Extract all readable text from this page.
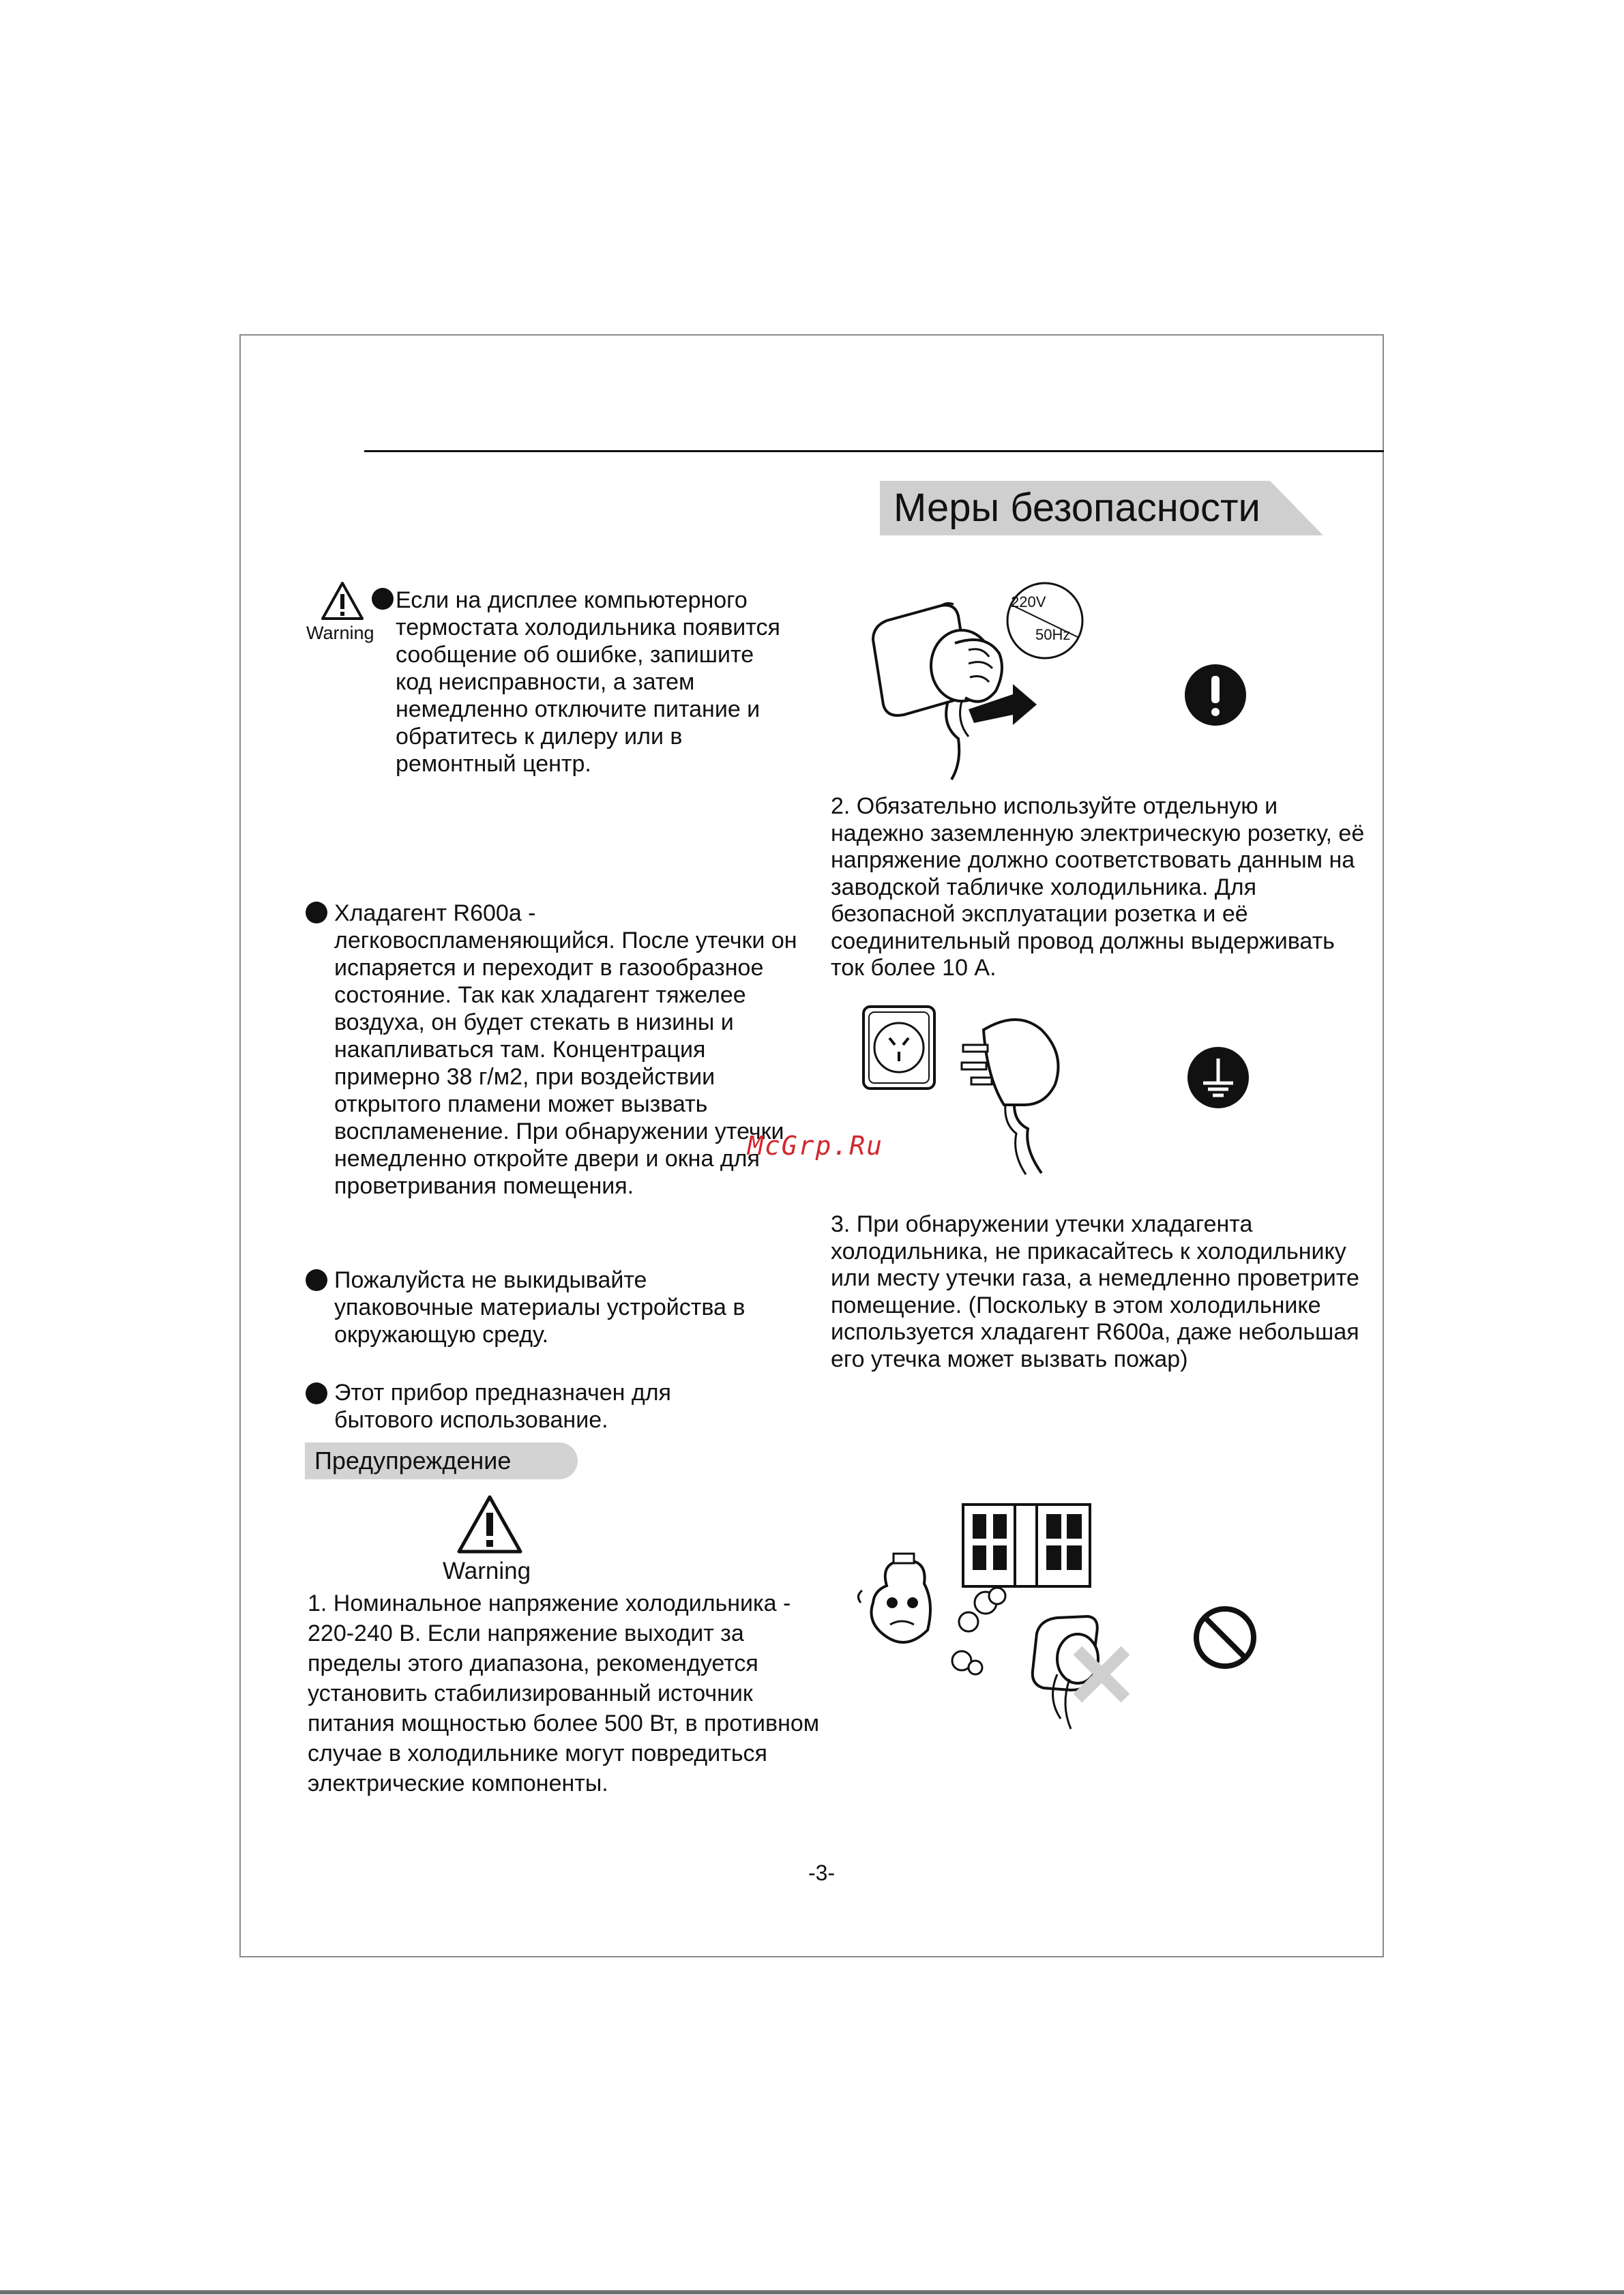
Меры безопасности
Warning

Если на дисплее компьютерного термостата холодильника появится сообщение об ошибке, запишите код неисправности, а затем немедленно отключите питание и обратитесь к дилеру или в ремонтный центр.

Хладагент R600a - легковоспламеняющийся. После утечки он испаряется и переходит в газообразное состояние. Так как хладагент тяжелее воздуха, он будет стекать в низины и накапливаться там. Концентрация примерно 38 г/м2, при воздействии открытого пламени может вызвать воспламенение. При обнаружении утечки немедленно откройте двери и окна для проветривания помещения.

Пожалуйста не выкидывайте упаковочные материалы устройства в окружающую среду.

Этот прибор предназначен для бытового использование.

Предупреждение
Warning

1. Номинальное напряжение холодильника - 220-240 В. Если напряжение выходит за пределы этого диапазона, рекомендуется установить стабилизированный источник питания мощностью более 500 Вт, в противном случае в холодильнике могут повредиться электрические компоненты.

220V
50Hz

2. Обязательно используйте отдельную и надежно заземленную электрическую розетку, её напряжение должно соответствовать данным на заводской табличке холодильника. Для безопасной эксплуатации розетка и её соединительный провод должны выдерживать ток более 10 А.

McGrp.Ru

3. При обнаружении утечки хладагента холодильника, не прикасайтесь к холодильнику или месту утечки газа, а немедленно проветрите помещение. (Поскольку в этом холодильнике используется хладагент R600a, даже небольшая его утечка может вызвать пожар)

-3-
